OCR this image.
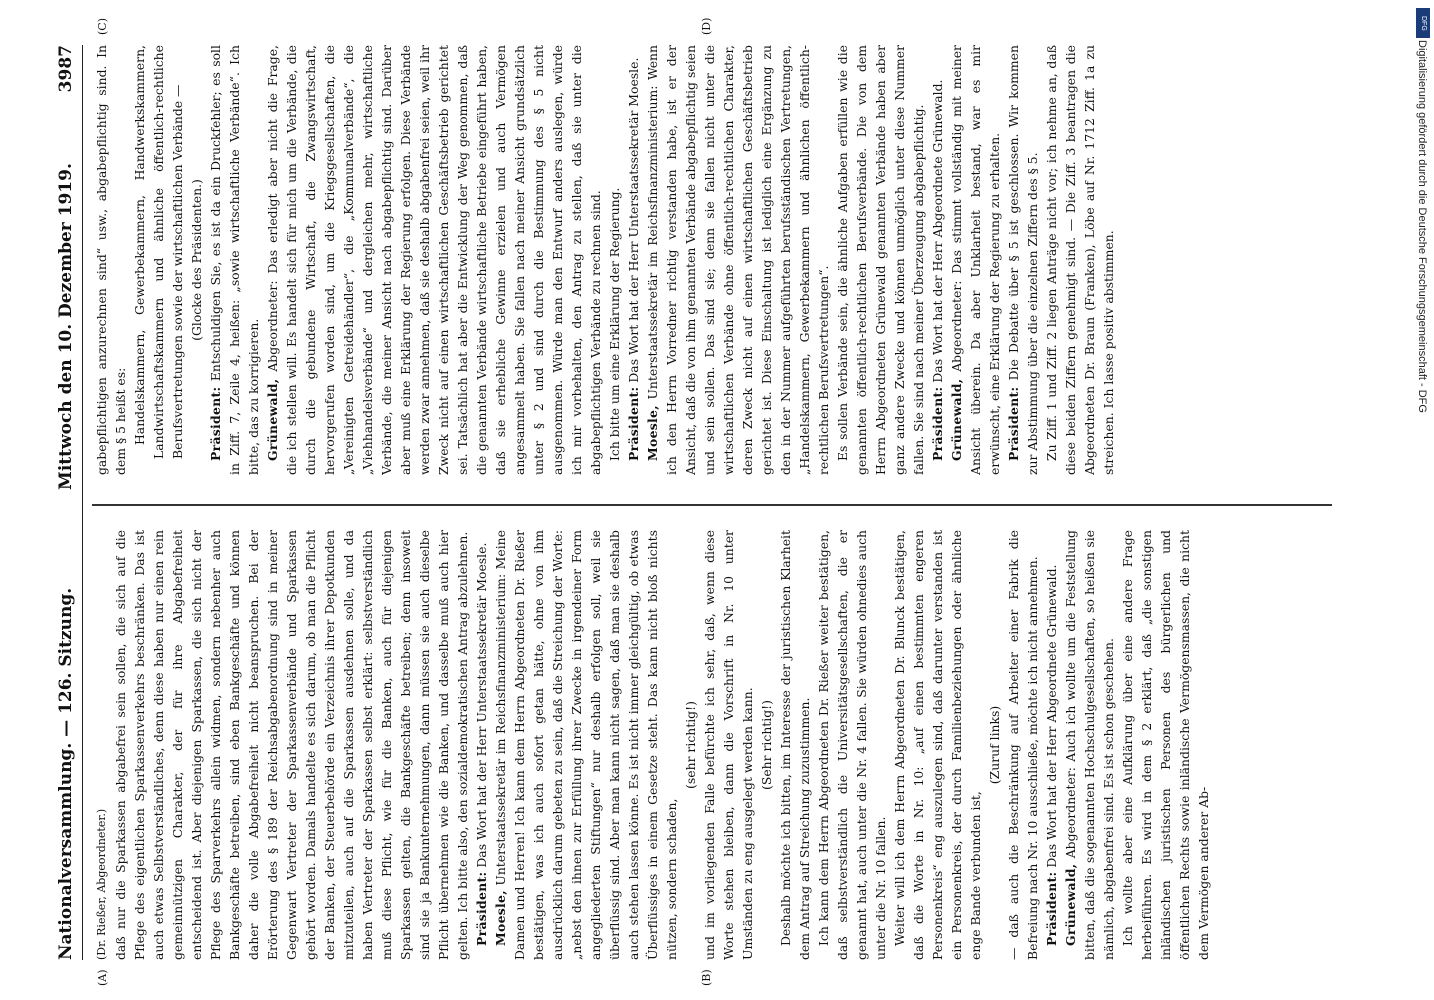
DFG
Digitalisierung gefördert durch die Deutsche Forschungsgemeinschaft - DFG
Nationalversammlung. — 126. Sitzung.
Mittwoch den 10. Dezember 1919.
3987
(A)	(B)
(C)	(D)

(Dr. Rießer, Abgeordneter.) daß nur die Sparkassen abgabefrei sein sollen, die sich auf die Pflege des eigentlichen Sparkassenverkehrs beschränken. Das ist auch etwas Selbstverständliches, denn diese haben nur einen rein gemeinnützigen Charakter, der für ihre Abgabefreiheit entscheidend ist. Aber diejenigen Sparkassen, die sich nicht der Pflege des Sparverkehrs allein widmen, sondern nebenher auch Bankgeschäfte betreiben, sind eben Bankgeschäfte und können daher die volle Abgabefreiheit nicht beanspruchen. Bei der Erörterung des § 189 der Reichsabgabenordnung sind in meiner Gegenwart Vertreter der Sparkassenverbände und Sparkassen gehört worden. Damals handelte es sich darum, ob man die Pflicht der Banken, der Steuerbehörde ein Verzeichnis ihrer Depotkunden mitzuteilen, auch auf die Sparkassen ausdehnen solle, und da haben Vertreter der Sparkassen selbst erklärt: selbstverständlich muß diese Pflicht, wie für die Banken, auch für diejenigen Sparkassen gelten, die Bankgeschäfte betreiben; denn insoweit sind sie ja Bankunternehmungen, dann müssen sie auch dieselbe Pflicht übernehmen wie die Banken, und dasselbe muß auch hier gelten. Ich bitte also, den sozialdemokratischen Antrag abzulehnen. Präsident: Das Wort hat der Herr Unterstaatssekretär Moesle.

Moesle, Unterstaatssekretär im Reichsfinanzministerium: Meine Damen und Herren! Ich kann dem Herrn Abgeordneten Dr. Rießer bestätigen, was ich auch sofort getan hätte, ohne von ihm ausdrücklich darum gebeten zu sein, daß die Streichung der Worte: „nebst den ihnen zur Erfüllung ihrer Zwecke in irgendeiner Form angegliederten Stiftungen“ nur deshalb erfolgen soll, weil sie überflüssig sind. Aber man kann nicht sagen, daß man sie deshalb auch stehen lassen könne. Es ist nicht immer gleichgültig, ob etwas Überflüssiges in einem Gesetze steht. Das kann nicht bloß nichts nützen, sondern schaden,

(sehr richtig!) und im vorliegenden Falle befürchte ich sehr, daß, wenn diese Worte stehen bleiben, dann die Vorschrift in Nr. 10 unter Umständen zu eng ausgelegt werden kann. (Sehr richtig!) Deshalb möchte ich bitten, im Interesse der juristischen Klarheit dem Antrag auf Streichung zuzustimmen. Ich kann dem Herrn Abgeordneten Dr. Rießer weiter bestätigen, daß selbstverständlich die Universitätsgesellschaften, die er genannt hat, auch unter die Nr. 4 fallen. Sie würden ohnedies auch unter die Nr. 10 fallen. Weiter will ich dem Herrn Abgeordneten Dr. Blunck bestätigen, daß die Worte in Nr. 10: „auf einen bestimmten engeren Personenkreis“ eng auszulegen sind, daß darunter verstanden ist ein Personenkreis, der durch Familienbeziehungen oder ähnliche enge Bande verbunden ist,

(Zuruf links) — daß auch die Beschränkung auf Arbeiter einer Fabrik die Befreiung nach Nr. 10 ausschließe, möchte ich nicht annehmen. Präsident: Das Wort hat der Herr Abgeordnete Grünewald.

Grünewald, Abgeordneter: Auch ich wollte um die Feststellung bitten, daß die sogenannten Hochschulgesellschaften, so heißen sie nämlich, abgabenfrei sind. Es ist schon geschehen. Ich wollte aber eine Aufklärung über eine andere Frage herbeiführen. Es wird in dem § 2 erklärt, daß „die sonstigen inländischen juristischen Personen des bürgerlichen und öffentlichen Rechts sowie inländische Vermögensmassen, die nicht dem Vermögen anderer Ab-

gabepflichtigen anzurechnen sind“ usw., abgabepflichtig sind. In dem § 5 heißt es: Handelskammern, Gewerbekammern, Handwerkskammern, Landwirtschaftskammern und ähnliche öffentlich-rechtliche Berufsvertretungen sowie der wirtschaftlichen Verbände — (Glocke des Präsidenten.)

Präsident: Entschuldigen Sie, es ist da ein Druckfehler; es soll in Ziff. 7, Zeile 4, heißen: „sowie wirtschaftliche Verbände“. Ich bitte, das zu korrigieren. Grünewald, Abgeordneter: Das erledigt aber nicht die Frage, die ich stellen will. Es handelt sich für mich um die Verbände, die durch die gebundene Wirtschaft, die Zwangswirtschaft, hervorgerufen worden sind, um die Kriegsgesellschaften, die „Vereinigten Getreidehändler“, die „Kommunalverbände“, die „Viehhandelsverbände“ und dergleichen mehr, wirtschaftliche Verbände, die meiner Ansicht nach abgabepflichtig sind. Darüber aber muß eine Erklärung der Regierung erfolgen. Diese Verbände werden zwar annehmen, daß sie deshalb abgabenfrei seien, weil ihr Zweck nicht auf einen wirtschaftlichen Geschäftsbetrieb gerichtet sei. Tatsächlich hat aber die Entwicklung der Weg genommen, daß die genannten Verbände wirtschaftliche Betriebe eingeführt haben, daß sie erhebliche Gewinne erzielen und auch Vermögen angesammelt haben. Sie fallen nach meiner Ansicht grundsätzlich unter § 2 und sind durch die Bestimmung des § 5 nicht ausgenommen. Würde man den Entwurf anders auslegen, würde ich mir vorbehalten, den Antrag zu stellen, daß sie unter die abgabepflichtigen Verbände zu rechnen sind. Ich bitte um eine Erklärung der Regierung. Präsident: Das Wort hat der Herr Unterstaatssekretär Moesle.

Moesle, Unterstaatssekretär im Reichsfinanzministerium: Wenn ich den Herrn Vorredner richtig verstanden habe, ist er der Ansicht, daß die von ihm genannten Verbände abgabepflichtig seien und sein sollen. Das sind sie; denn sie fallen nicht unter die wirtschaftlichen Verbände ohne öffentlich-rechtlichen Charakter, deren Zweck nicht auf einen wirtschaftlichen Geschäftsbetrieb gerichtet ist. Diese Einschaltung ist lediglich eine Ergänzung zu den in der Nummer aufgeführten berufsständischen Vertretungen, „Handelskammern, Gewerbekammern und ähnlichen öffentlich-rechtlichen Berufsvertretungen“. Es sollen Verbände sein, die ähnliche Aufgaben erfüllen wie die genannten öffentlich-rechtlichen Berufsverbände. Die von dem Herrn Abgeordneten Grünewald genannten Verbände haben aber ganz andere Zwecke und können unmöglich unter diese Nummer fallen. Sie sind nach meiner Überzeugung abgabepflichtig. Präsident: Das Wort hat der Herr Abgeordnete Grünewald.

Grünewald, Abgeordneter: Das stimmt vollständig mit meiner Ansicht überein. Da aber Unklarheit bestand, war es mir erwünscht, eine Erklärung der Regierung zu erhalten. Präsident: Die Debatte über § 5 ist geschlossen. Wir kommen zur Abstimmung über die einzelnen Ziffern des § 5. Zu Ziff. 1 und Ziff. 2 liegen Anträge nicht vor; ich nehme an, daß diese beiden Ziffern genehmigt sind. — Die Ziff. 3 beantragen die Abgeordneten Dr. Braun (Franken), Löbe auf Nr. 1712 Ziff. 1a zu streichen. Ich lasse positiv abstimmen.
